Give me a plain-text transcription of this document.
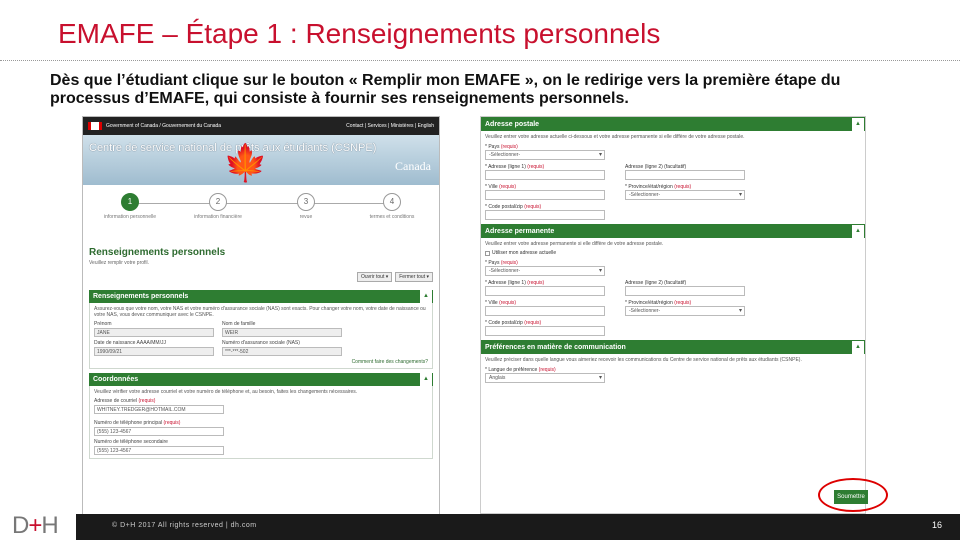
EMAFE – Étape 1 : Renseignements personnels
Dès que l’étudiant clique sur le bouton « Remplir mon EMAFE », on le redirige vers la première étape du processus d’EMAFE, qui consiste à fournir ses renseignements personnels.
Government of Canada / Gouvernement du Canada	Contact | Services | Ministères | English
Centre de service national de prêts aux étudiants (CSNPE)
🍁	Canada
1
information personnelle
2
information financière
3
revue
4
termes et conditions
Renseignements personnels
Veuillez remplir votre profil.
Ouvrir tout ▾	Fermer tout ▾
Renseignements personnels	▲
Assurez-vous que votre nom, votre NAS et votre numéro d'assurance sociale (NAS) sont exacts. Pour changer votre nom, votre date de naissance ou votre NAS, vous devez communiquer avec le CSNPE.
Prénom
JANE
Nom de famille
WEIR
Date de naissance AAAA/MM/JJ
1990/09/21
Numéro d'assurance sociale (NAS)
***-***-502
Comment faire des changements?
Coordonnées	▲
Veuillez vérifier votre adresse courriel et votre numéro de téléphone et, au besoin, faites les changements nécessaires.
Adresse de courriel (requis)
WHITNEY.TREDGER@HOTMAIL.COM
Numéro de téléphone principal (requis)
(555) 123-4567
Numéro de téléphone secondaire
(555) 123-4567
Adresse postale	▲
Veuillez entrer votre adresse actuelle ci-dessous et votre adresse permanente si elle diffère de votre adresse postale.
* Pays (requis)
-Sélectionner- ▾
* Adresse (ligne 1) (requis)	Adresse (ligne 2) (facultatif)
* Ville (requis)	* Province/état/région (requis)
-Sélectionner- ▾
* Code postal/zip (requis)
Adresse permanente	▲
Veuillez entrer votre adresse permanente si elle diffère de votre adresse postale.
Utiliser mon adresse actuelle
* Pays (requis)
-Sélectionner- ▾
* Adresse (ligne 1) (requis)	Adresse (ligne 2) (facultatif)
* Ville (requis)	* Province/état/région (requis)
-Sélectionner- ▾
* Code postal/zip (requis)
Préférences en matière de communication	▲
Veuillez préciser dans quelle langue vous aimeriez recevoir les communications du Centre de service national de prêts aux étudiants (CSNPE).
* Langue de préférence (requis)
Anglais ▾
Soumettre
D+H	© D+H 2017 All rights reserved | dh.com	16
